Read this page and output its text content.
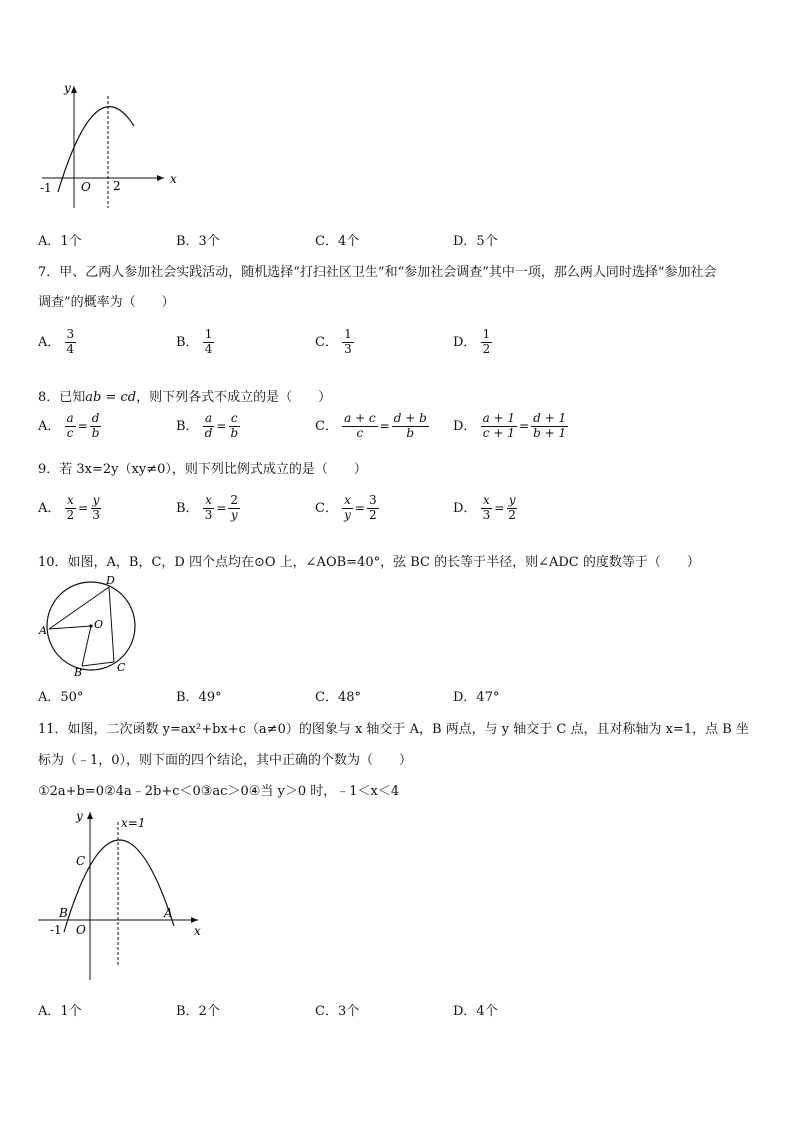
y
x
O
-1	2
A．1个	B．3个	C．4个	D．5个
7．甲、乙两人参加社会实践活动，随机选择“打扫社区卫生”和“参加社会调查”其中一项，那么两人同时选择“参加社会
调查”的概率为（　　）
A． $\frac{3}{4}$	B． $\frac{1}{4}$	C． $\frac{1}{3}$	D． $\frac{1}{2}$
8．已知ab = cd，则下列各式不成立的是（　　）
A． $\frac{a}{c} = \frac{d}{b}$	B． $\frac{a}{d} = \frac{c}{b}$	C． $\frac{a + c}{c} = \frac{d + b}{b}$ D． $\frac{a + 1}{c + 1} = \frac{d + 1}{b + 1}$
9．若 3x=2y（xy≠0），则下列比例式成立的是（　　）
A． $\frac{x}{2} = \frac{y}{3}$	B． $\frac{x}{3} = \frac{2}{y}$	C． $\frac{x}{y} = \frac{3}{2}$	D． $\frac{x}{3} = \frac{y}{2}$
10．如图，A，B，C，D 四个点均在⊙O 上，∠AOB=40°，弦 BC 的长等于半径，则∠ADC 的度数等于（　　）
A
B	C
D
O
A．50°	B．49°	C．48°	D．47°
11．如图，二次函数 y=ax²+bx+c（a≠0）的图象与 x 轴交于 A，B 两点，与 y 轴交于 C 点，且对称轴为 x=1，点 B 坐
标为（﹣1，0），则下面的四个结论，其中正确的个数为（　　）
①2a+b=0②4a﹣2b+c＜0③ac＞0④当 y＞0 时，﹣1＜x＜4
y
x
x=1
C
B	A
O
-1
A．1个	B．2个	C．3个	D．4个
